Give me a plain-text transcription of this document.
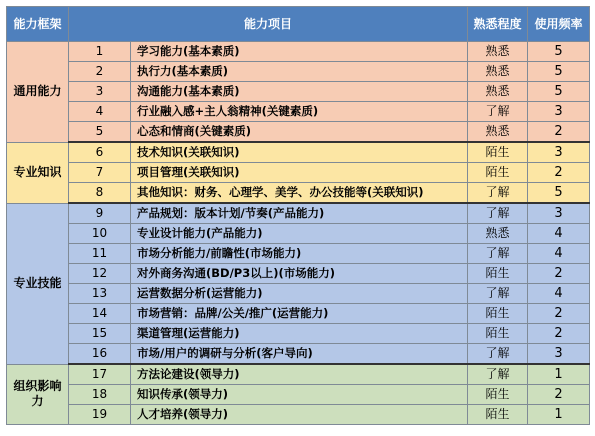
能力框架	能力项目		熟悉程度	使用频率
通用能力	1	学习能力(基本素质)	熟悉	5
	2	执行力(基本素质)	熟悉	5
	3	沟通能力(基本素质)	熟悉	5
	4	行业融入感+主人翁精神(关键素质)	了解	3
	5	心态和情商(关键素质)	熟悉	2
专业知识	6	技术知识(关联知识)	陌生	3
	7	项目管理(关联知识)	陌生	2
	8	其他知识：财务、心理学、美学、办公技能等(关联知识)	了解	5
专业技能	9	产品规划：版本计划/节奏(产品能力)	了解	3
	10	专业设计能力(产品能力)	熟悉	4
	11	市场分析能力/前瞻性(市场能力)	了解	4
	12	对外商务沟通(BD/P3以上)(市场能力)	陌生	2
	13	运营数据分析(运营能力)	了解	4
	14	市场营销：品牌/公关/推广(运营能力)	陌生	2
	15	渠道管理(运营能力)	陌生	2
	16	市场/用户的调研与分析(客户导向)	了解	3
组织影响力	17	方法论建设(领导力)	了解	1
	18	知识传承(领导力)	陌生	2
	19	人才培养(领导力)	陌生	1
